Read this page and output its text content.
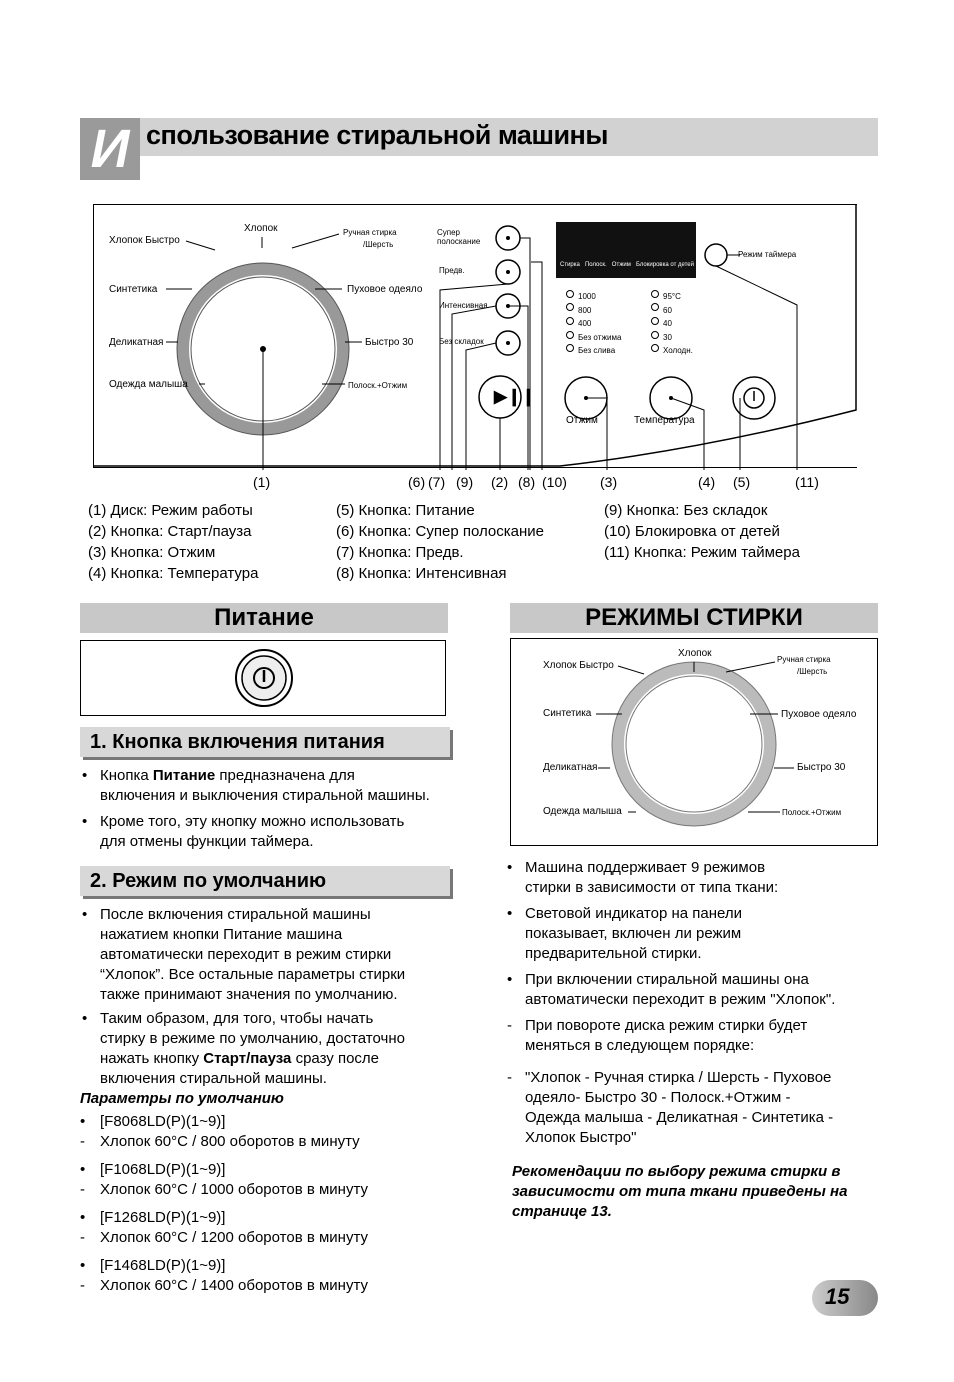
И спользование стиральной машины
Хлопок Быстро
Хлопок	Ручная стирка
/Шерсть
Синтетика	Пуховое одеяло
Деликатная	Быстро 30
Одежда малыша	Полоск.+Отжим
Супер полоскание
Предв.
Интенсивная
Без складок
▶❙❙
Стирка Полоск. Отжим Блокировка от детей
Режим таймера
1000
800
400
Без отжима
Без слива
95°C
60
40
30
Холодн.
Отжим	Температура
(1)	(6) (7) (9) (2) (8) (10) (3)	(4) (5)	(11)
(1) Диск: Режим работы
(2) Кнопка: Старт/пауза
(3) Кнопка: Отжим
(4) Кнопка: Температура
(5) Кнопка: Питание
(6) Кнопка: Супер полоскание
(7) Кнопка: Предв.
(8) Кнопка: Интенсивная
(9) Кнопка: Без складок
(10) Блокировка от детей
(11) Кнопка: Режим таймера
Питание
1. Кнопка включения питания
• Кнопка Питание предназначена для
включения и выключения стиральной машины.
• Кроме того, эту кнопку можно использовать
для отмены функции таймера.
2. Режим по умолчанию
• После включения стиральной машины
нажатием кнопки Питание машина
автоматически переходит в режим стирки
“Хлопок”. Все остальные параметры стирки
также принимают значения по умолчанию.
• Таким образом, для того, чтобы начать
стирку в режиме по умолчанию, достаточно
нажать кнопку Старт/пауза сразу после
включения стиральной машины.
Параметры по умолчанию
• [F8068LD(P)(1~9)]
- Хлопок 60°C / 800 оборотов в минуту
• [F1068LD(P)(1~9)]
- Хлопок 60°C / 1000 оборотов в минуту
• [F1268LD(P)(1~9)]
- Хлопок 60°C / 1200 оборотов в минуту
• [F1468LD(P)(1~9)]
- Хлопок 60°C / 1400 оборотов в минуту
РЕЖИМЫ СТИРКИ
Хлопок Быстро
Хлопок
Ручная стирка
/Шерсть
Синтетика	Пуховое одеяло
Деликатная	Быстро 30
Одежда малыша	Полоск.+Отжим
• Машина поддерживает 9 режимов
стирки в зависимости от типа ткани:
• Световой индикатор на панели
показывает, включен ли режим
предварительной стирки.
• При включении стиральной машины она
автоматически переходит в режим "Хлопок".
- При повороте диска режим стирки будет
меняться в следующем порядке:
- "Хлопок - Ручная стирка / Шерсть - Пуховое
одеяло- Быстро 30 - Полоск.+Отжим -
Одежда малыша - Деликатная - Синтетика -
Хлопок Быстро"
Рекомендации по выбору режима стирки в
зависимости от типа ткани приведены на
странице 13.
15
